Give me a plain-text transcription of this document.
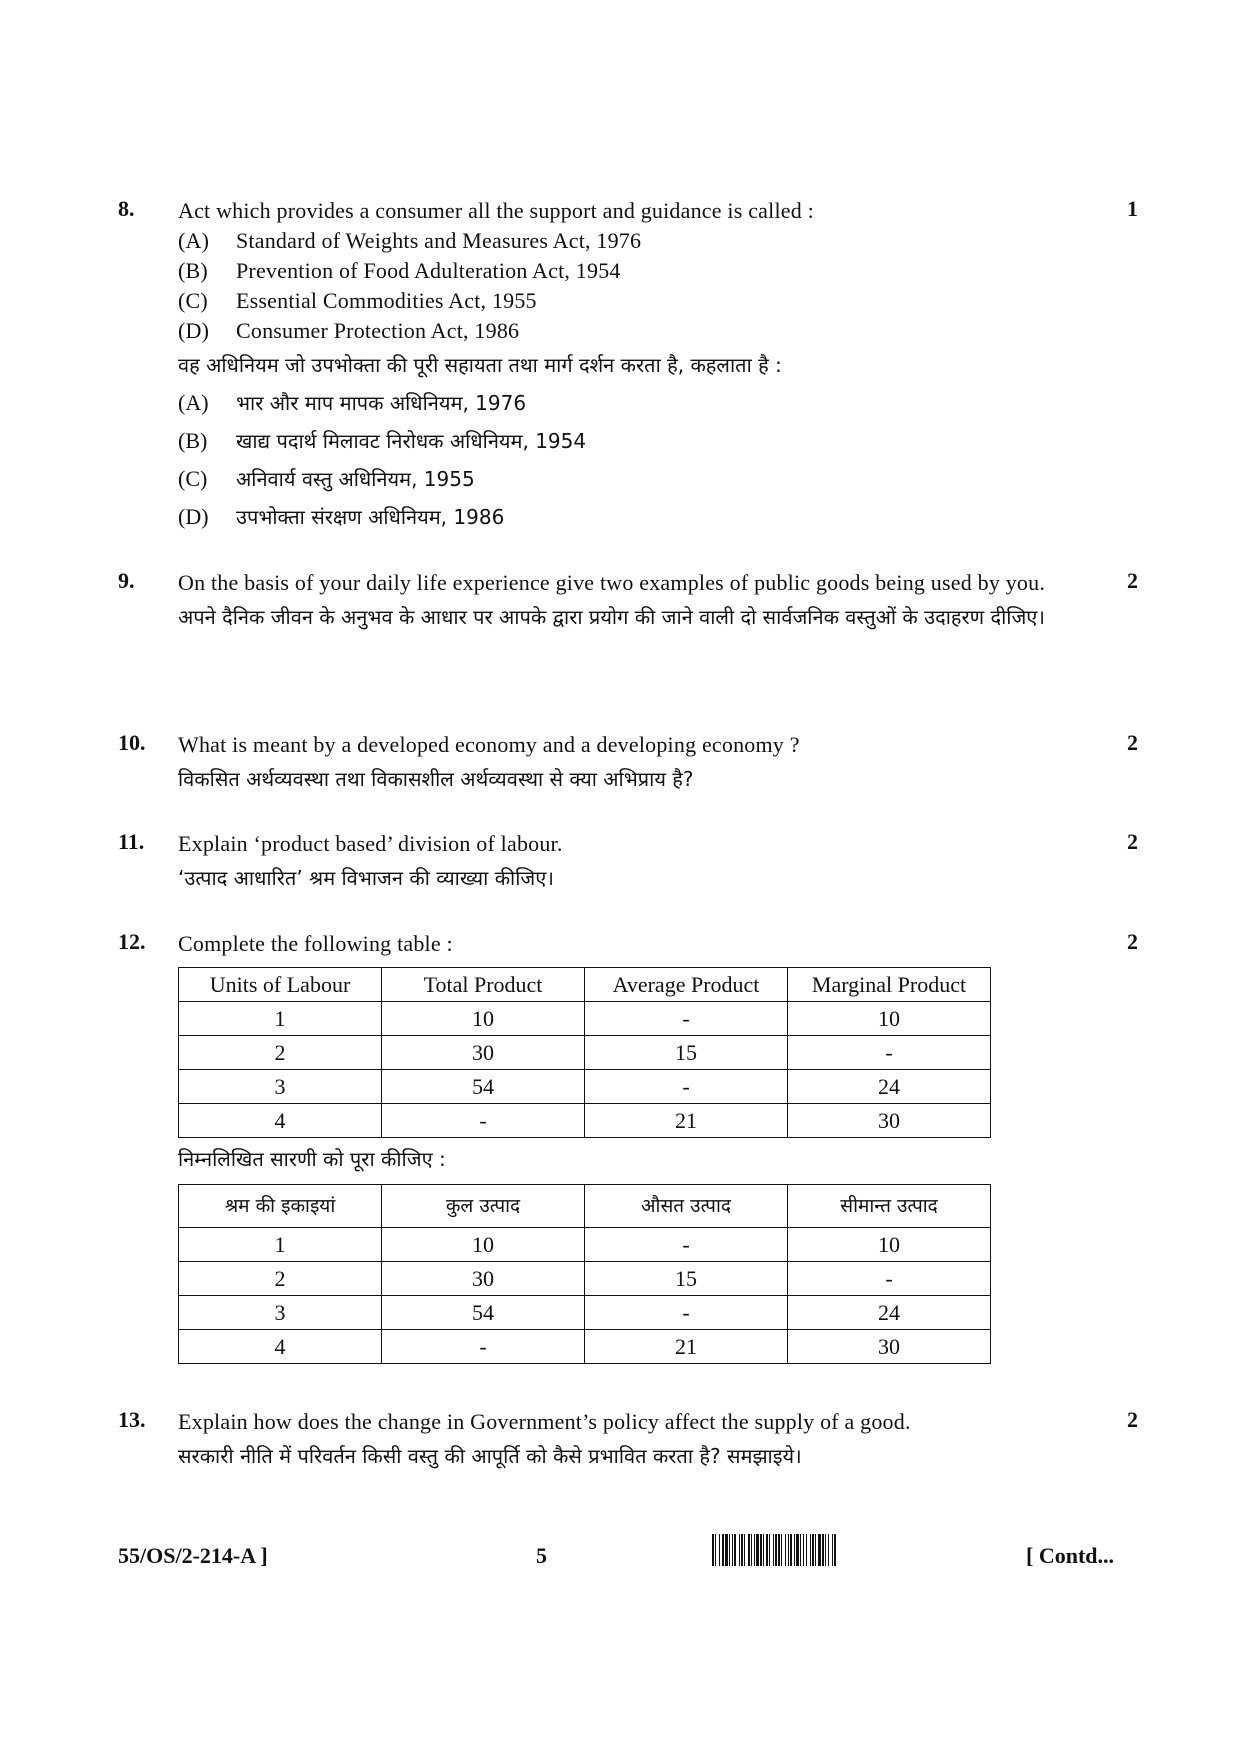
8. Act which provides a consumer all the support and guidance is called :
(A)	Standard of Weights and Measures Act, 1976
(B)	Prevention of Food Adulteration Act, 1954
(C)	Essential Commodities Act, 1955
(D)	Consumer Protection Act, 1986
वह अधिनियम जो उपभोक्ता की पूरी सहायता तथा मार्ग दर्शन करता है, कहलाता है :
(A)	भार और माप मापक अधिनियम, 1976
(B)	खाद्य पदार्थ मिलावट निरोधक अधिनियम, 1954
(C)	अनिवार्य वस्तु अधिनियम, 1955
(D)	उपभोक्ता संरक्षण अधिनियम, 1986
1
9. On the basis of your daily life experience give two examples of public goods being used by you.
अपने दैनिक जीवन के अनुभव के आधार पर आपके द्वारा प्रयोग की जाने वाली दो सार्वजनिक वस्तुओं के उदाहरण दीजिए।
2
10. What is meant by a developed economy and a developing economy ?
विकसित अर्थव्यवस्था तथा विकासशील अर्थव्यवस्था से क्या अभिप्राय है?
2
11. Explain ‘product based’ division of labour.
‘उत्पाद आधारित’ श्रम विभाजन की व्याख्या कीजिए।
2
12. Complete the following table :
Units of Labour	Total Product	Average Product	Marginal Product
1	10	-	10
2	30	15	-
3	54	-	24
4	-	21	30
निम्नलिखित सारणी को पूरा कीजिए :
श्रम की इकाइयां	कुल उत्पाद	औसत उत्पाद	सीमान्त उत्पाद
1	10	-	10
2	30	15	-
3	54	-	24
4	-	21	30
2
13. Explain how does the change in Government’s policy affect the supply of a good.
सरकारी नीति में परिवर्तन किसी वस्तु की आपूर्ति को कैसे प्रभावित करता है? समझाइये।
2
55/OS/2-214-A ]	5	[ Contd...
